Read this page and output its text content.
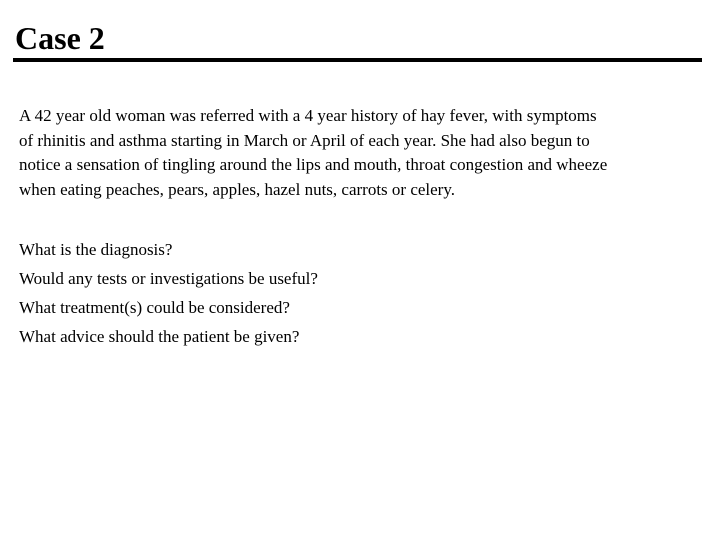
Case 2

A 42 year old woman was referred with a 4 year history of hay fever, with symptoms

of rhinitis and asthma starting in March or April of each year. She had also begun to

notice a sensation of tingling around the lips and mouth, throat congestion and wheeze

when eating peaches, pears, apples, hazel nuts, carrots or celery.

What is the diagnosis?

Would any tests or investigations be useful?

What treatment(s) could be considered?

What advice should the patient be given?
